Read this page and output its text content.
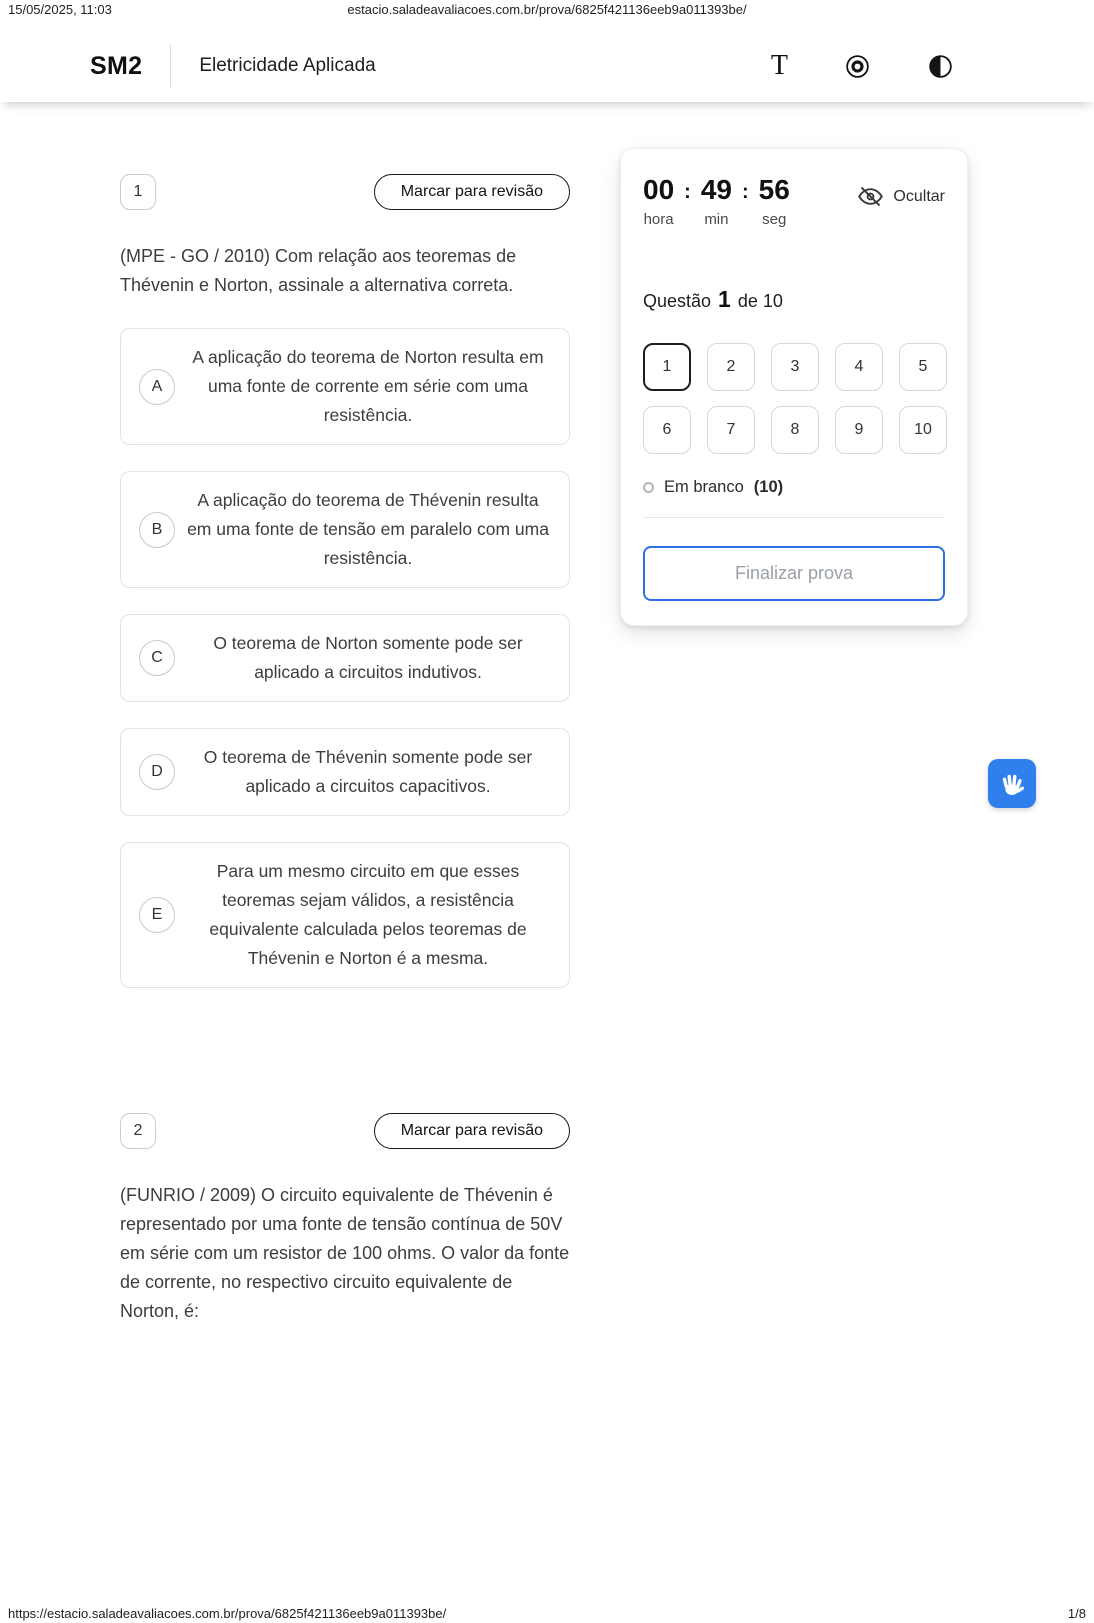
15/05/2025, 11:03	estacio.saladeavaliacoes.com.br/prova/6825f421136eeb9a011393be/
SM2	Eletricidade Aplicada	T
1	Marcar para revisão

(MPE - GO / 2010) Com relação aos teoremas de Thévenin e Norton, assinale a alternativa correta.

A
A aplicação do teorema de Norton resulta em uma fonte de corrente em série com uma resistência.
B
A aplicação do teorema de Thévenin resulta em uma fonte de tensão em paralelo com uma resistência.
C
O teorema de Norton somente pode ser aplicado a circuitos indutivos.
D
O teorema de Thévenin somente pode ser aplicado a circuitos capacitivos.
E
Para um mesmo circuito em que esses teoremas sejam válidos, a resistência equivalente calculada pelos teoremas de Thévenin e Norton é a mesma.
2	Marcar para revisão

(FUNRIO / 2009) O circuito equivalente de Thévenin é representado por uma fonte de tensão contínua de 50V em série com um resistor de 100 ohms. O valor da fonte de corrente, no respectivo circuito equivalente de Norton, é:

00
hora
: 49
min
: 56
seg
Ocultar
Questão 1 de 10
1	2	3	4	5
6	7	8	9	10
Em branco (10)
Finalizar prova
https://estacio.saladeavaliacoes.com.br/prova/6825f421136eeb9a011393be/	1/8
